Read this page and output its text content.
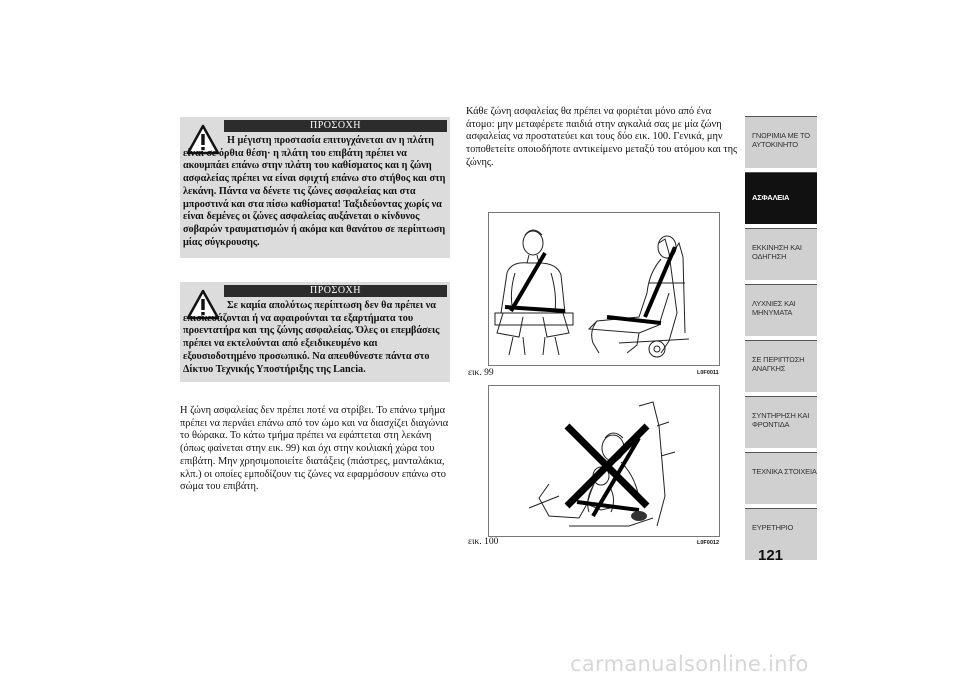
ΠΡΟΣΟΧΗ
Η μέγιστη προστασία επιτυγχάνεται αν η πλάτη είναι σε όρθια θέση· η πλάτη του επιβάτη πρέπει να ακουμπάει επάνω στην πλάτη του καθίσματος και η ζώνη ασφαλείας πρέπει να είναι σφιχτή επάνω στο στήθος και στη λεκάνη. Πάντα να δένετε τις ζώνες ασφαλείας και στα μπροστινά και στα πίσω καθίσματα! Ταξιδεύοντας χωρίς να είναι δεμένες οι ζώνες ασφαλείας αυξάνεται ο κίνδυνος σοβαρών τραυματισμών ή ακόμα και θανάτου σε περίπτωση μίας σύγκρουσης.
ΠΡΟΣΟΧΗ
Σε καμία απολύτως περίπτωση δεν θα πρέπει να επισκευάζονται ή να αφαιρούνται τα εξαρτήματα του προεντατήρα και της ζώνης ασφαλείας. Όλες οι επεμβάσεις πρέπει να εκτελούνται από εξειδικευμένο και εξουσιοδοτημένο προσωπικό. Να απευθύνεστε πάντα στο Δίκτυο Τεχνικής Υποστήριξης της Lancia.
Η ζώνη ασφαλείας δεν πρέπει ποτέ να στρίβει. Το επάνω τμήμα πρέπει να περνάει επάνω από τον ώμο και να διασχίζει διαγώνια το θώρακα. Το κάτω τμήμα πρέπει να εφάπτεται στη λεκάνη (όπως φαίνεται στην εικ. 99) και όχι στην κοιλιακή χώρα του επιβάτη. Μην χρησιμοποιείτε διατάξεις (πιάστρες, μανταλάκια, κλπ.) οι οποίες εμποδίζουν τις ζώνες να εφαρμόσουν επάνω στο σώμα του επιβάτη.
Κάθε ζώνη ασφαλείας θα πρέπει να φοριέται μόνο από ένα άτομο: μην μεταφέρετε παιδιά στην αγκαλιά σας με μία ζώνη ασφαλείας να προστατεύει και τους δύο εικ. 100. Γενικά, μην τοποθετείτε οποιοδήποτε αντικείμενο μεταξύ του ατόμου και της ζώνης.
εικ. 99	L0F0011
εικ. 100	L0F0012
ΓΝΩΡΙΜΙΑ ΜΕ ΤΟ ΑΥΤΟΚΙΝΗΤΟ
ΑΣΦΑΛΕΙΑ
ΕΚΚΙΝΗΣΗ ΚΑΙ ΟΔΗΓΗΣΗ
ΛΥΧΝΙΕΣ ΚΑΙ ΜΗΝΥΜΑΤΑ
ΣΕ ΠΕΡΙΠΤΩΣΗ ΑΝΑΓΚΗΣ
ΣΥΝΤΗΡΗΣΗ ΚΑΙ ΦΡΟΝΤΙΔΑ
ΤΕΧΝΙΚΑ ΣΤΟΙΧΕΙΑ
ΕΥΡΕΤΗΡΙΟ
121
carmanualsonline.info
